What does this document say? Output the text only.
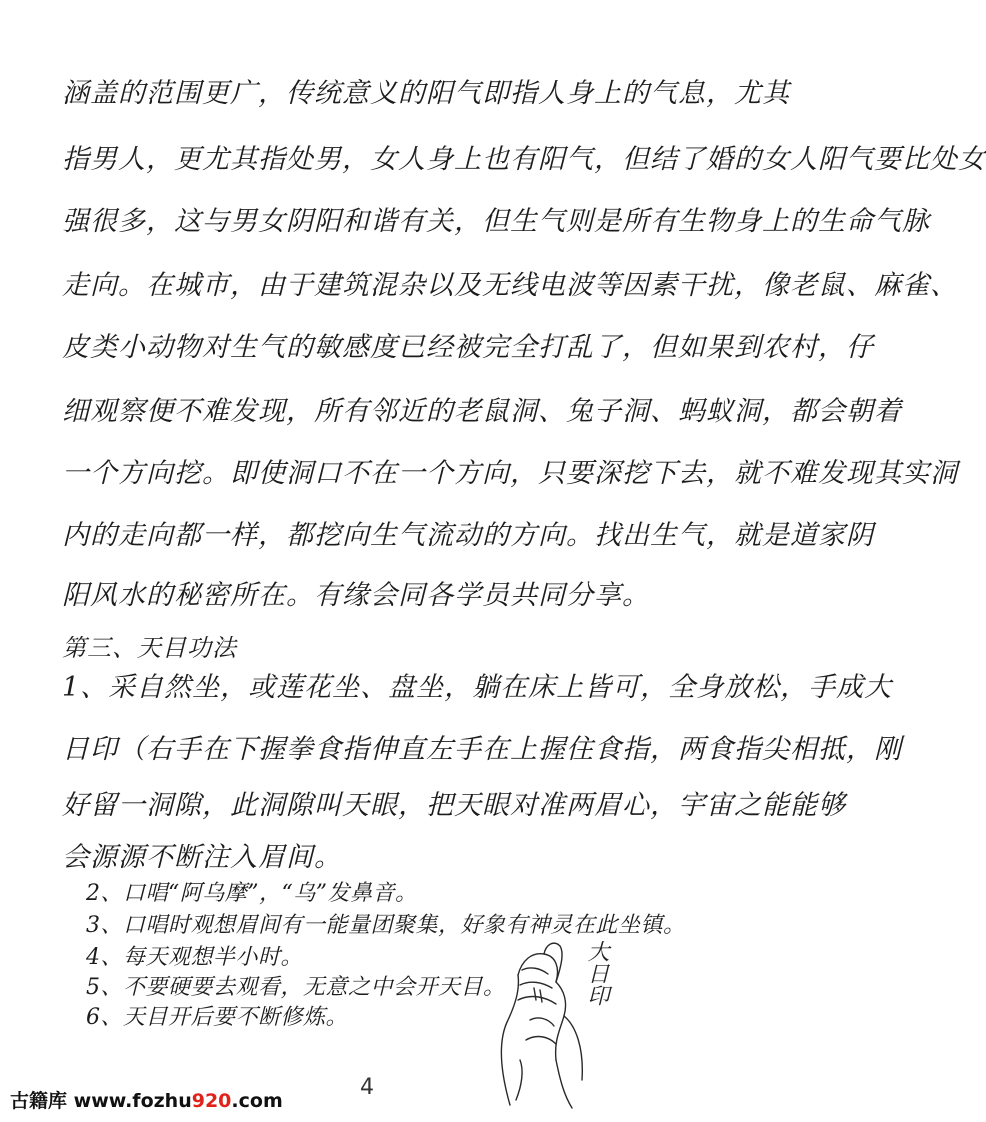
涵盖的范围更广，传统意义的阳气即指人身上的气息，尤其
指男人，更尤其指处男，女人身上也有阳气，但结了婚的女人阳气要比处女
强很多，这与男女阴阳和谐有关，但生气则是所有生物身上的生命气脉
走向。在城市，由于建筑混杂以及无线电波等因素干扰，像老鼠、麻雀、
皮类小动物对生气的敏感度已经被完全打乱了，但如果到农村，仔
细观察便不难发现，所有邻近的老鼠洞、兔子洞、蚂蚁洞，都会朝着
一个方向挖。即使洞口不在一个方向，只要深挖下去，就不难发现其实洞
内的走向都一样，都挖向生气流动的方向。找出生气，就是道家阴
阳风水的秘密所在。有缘会同各学员共同分享。
第三、天目功法
1、采自然坐，或莲花坐、盘坐，躺在床上皆可，全身放松，手成大
日印（右手在下握拳食指伸直左手在上握住食指，两食指尖相抵，刚
好留一洞隙，此洞隙叫天眼，把天眼对准两眉心，宇宙之能能够
会源源不断注入眉间。
2、口唱“阿乌摩”，“乌”发鼻音。
3、口唱时观想眉间有一能量团聚集，好象有神灵在此坐镇。
4、每天观想半小时。
5、不要硬要去观看，无意之中会开天目。
6、天目开后要不断修炼。
大日印
4
古籍库 www.fozhu920.com
